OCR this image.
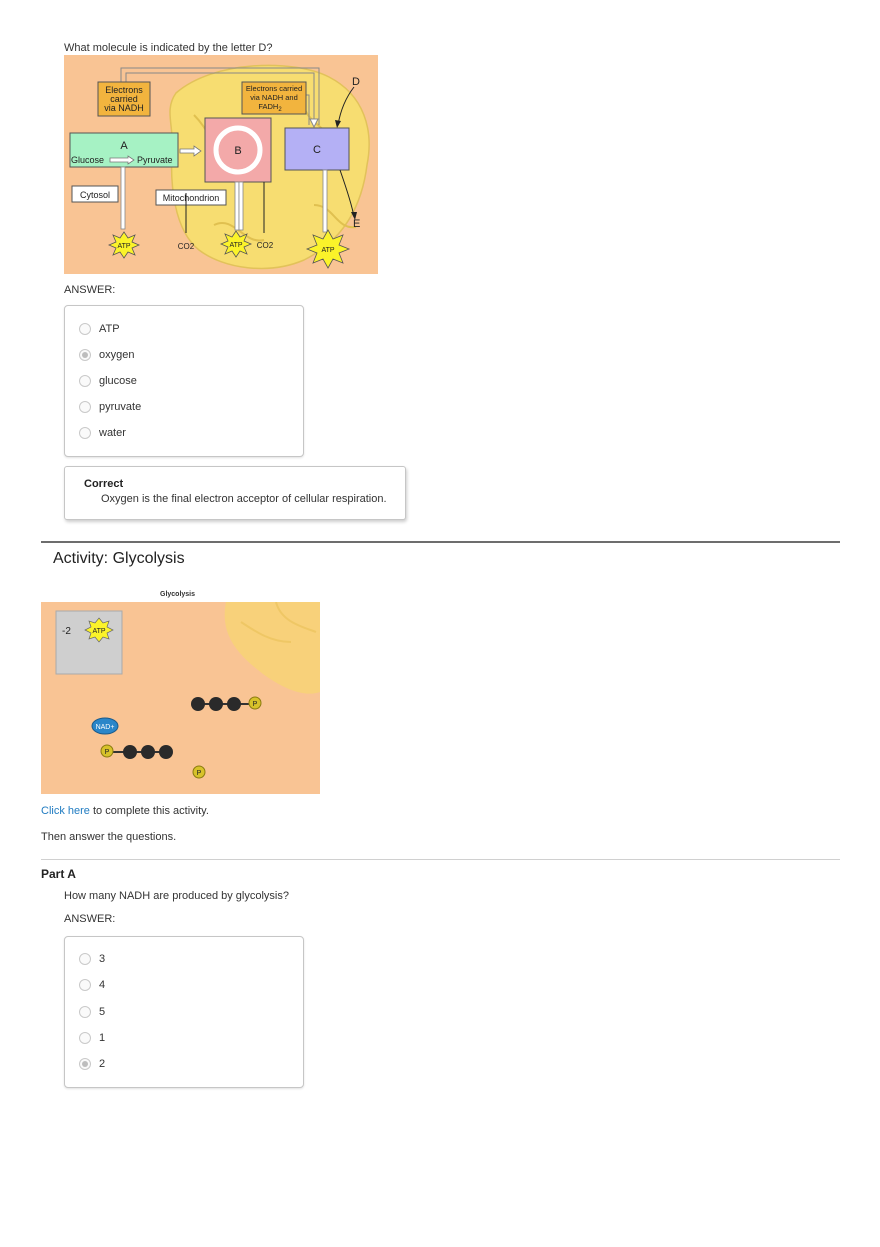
What molecule is indicated by the letter D?
Electrons
carried
via NADH
Electrons carried
via NADH and
$FADH_2$
A
Glucose	Pyruvate
B	C
D
E
Cytosol	Mitochondrion
ATP	CO2	ATP CO2
ATP
ANSWER:
ATP
oxygen
glucose
pyruvate
water
Correct
Oxygen is the final electron acceptor of cellular respiration.
Activity: Glycolysis
Glycolysis
-2	ATP
P
NAD+
P
P
Click here to complete this activity.
Then answer the questions.
Part A
How many NADH are produced by glycolysis?
ANSWER:
3
4
5
1
2
